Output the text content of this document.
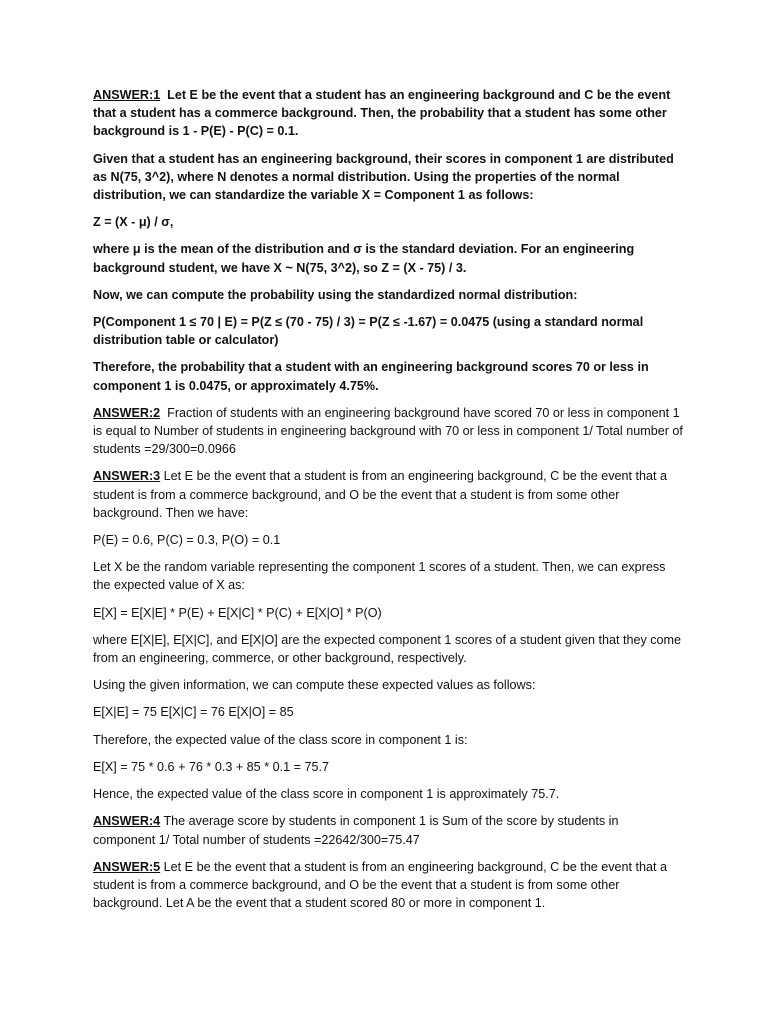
ANSWER:1  Let E be the event that a student has an engineering background and C be the event that a student has a commerce background. Then, the probability that a student has some other background is 1 - P(E) - P(C) = 0.1.

Given that a student has an engineering background, their scores in component 1 are distributed as N(75, 3^2), where N denotes a normal distribution. Using the properties of the normal distribution, we can standardize the variable X = Component 1 as follows:

Z = (X - μ) / σ,

where μ is the mean of the distribution and σ is the standard deviation. For an engineering background student, we have X ~ N(75, 3^2), so Z = (X - 75) / 3.

Now, we can compute the probability using the standardized normal distribution:

P(Component 1 ≤ 70 | E) = P(Z ≤ (70 - 75) / 3) = P(Z ≤ -1.67) = 0.0475 (using a standard normal distribution table or calculator)

Therefore, the probability that a student with an engineering background scores 70 or less in component 1 is 0.0475, or approximately 4.75%.

ANSWER:2  Fraction of students with an engineering background have scored 70 or less in component 1 is equal to Number of students in engineering background with 70 or less in component 1/ Total number of students =29/300=0.0966

ANSWER:3 Let E be the event that a student is from an engineering background, C be the event that a student is from a commerce background, and O be the event that a student is from some other background. Then we have:

P(E) = 0.6, P(C) = 0.3, P(O) = 0.1

Let X be the random variable representing the component 1 scores of a student. Then, we can express the expected value of X as:

E[X] = E[X|E] * P(E) + E[X|C] * P(C) + E[X|O] * P(O)

where E[X|E], E[X|C], and E[X|O] are the expected component 1 scores of a student given that they come from an engineering, commerce, or other background, respectively.

Using the given information, we can compute these expected values as follows:

E[X|E] = 75 E[X|C] = 76 E[X|O] = 85

Therefore, the expected value of the class score in component 1 is:

E[X] = 75 * 0.6 + 76 * 0.3 + 85 * 0.1 = 75.7

Hence, the expected value of the class score in component 1 is approximately 75.7.

ANSWER:4 The average score by students in component 1 is Sum of the score by students in component 1/ Total number of students =22642/300=75.47

ANSWER:5 Let E be the event that a student is from an engineering background, C be the event that a student is from a commerce background, and O be the event that a student is from some other background. Let A be the event that a student scored 80 or more in component 1.
